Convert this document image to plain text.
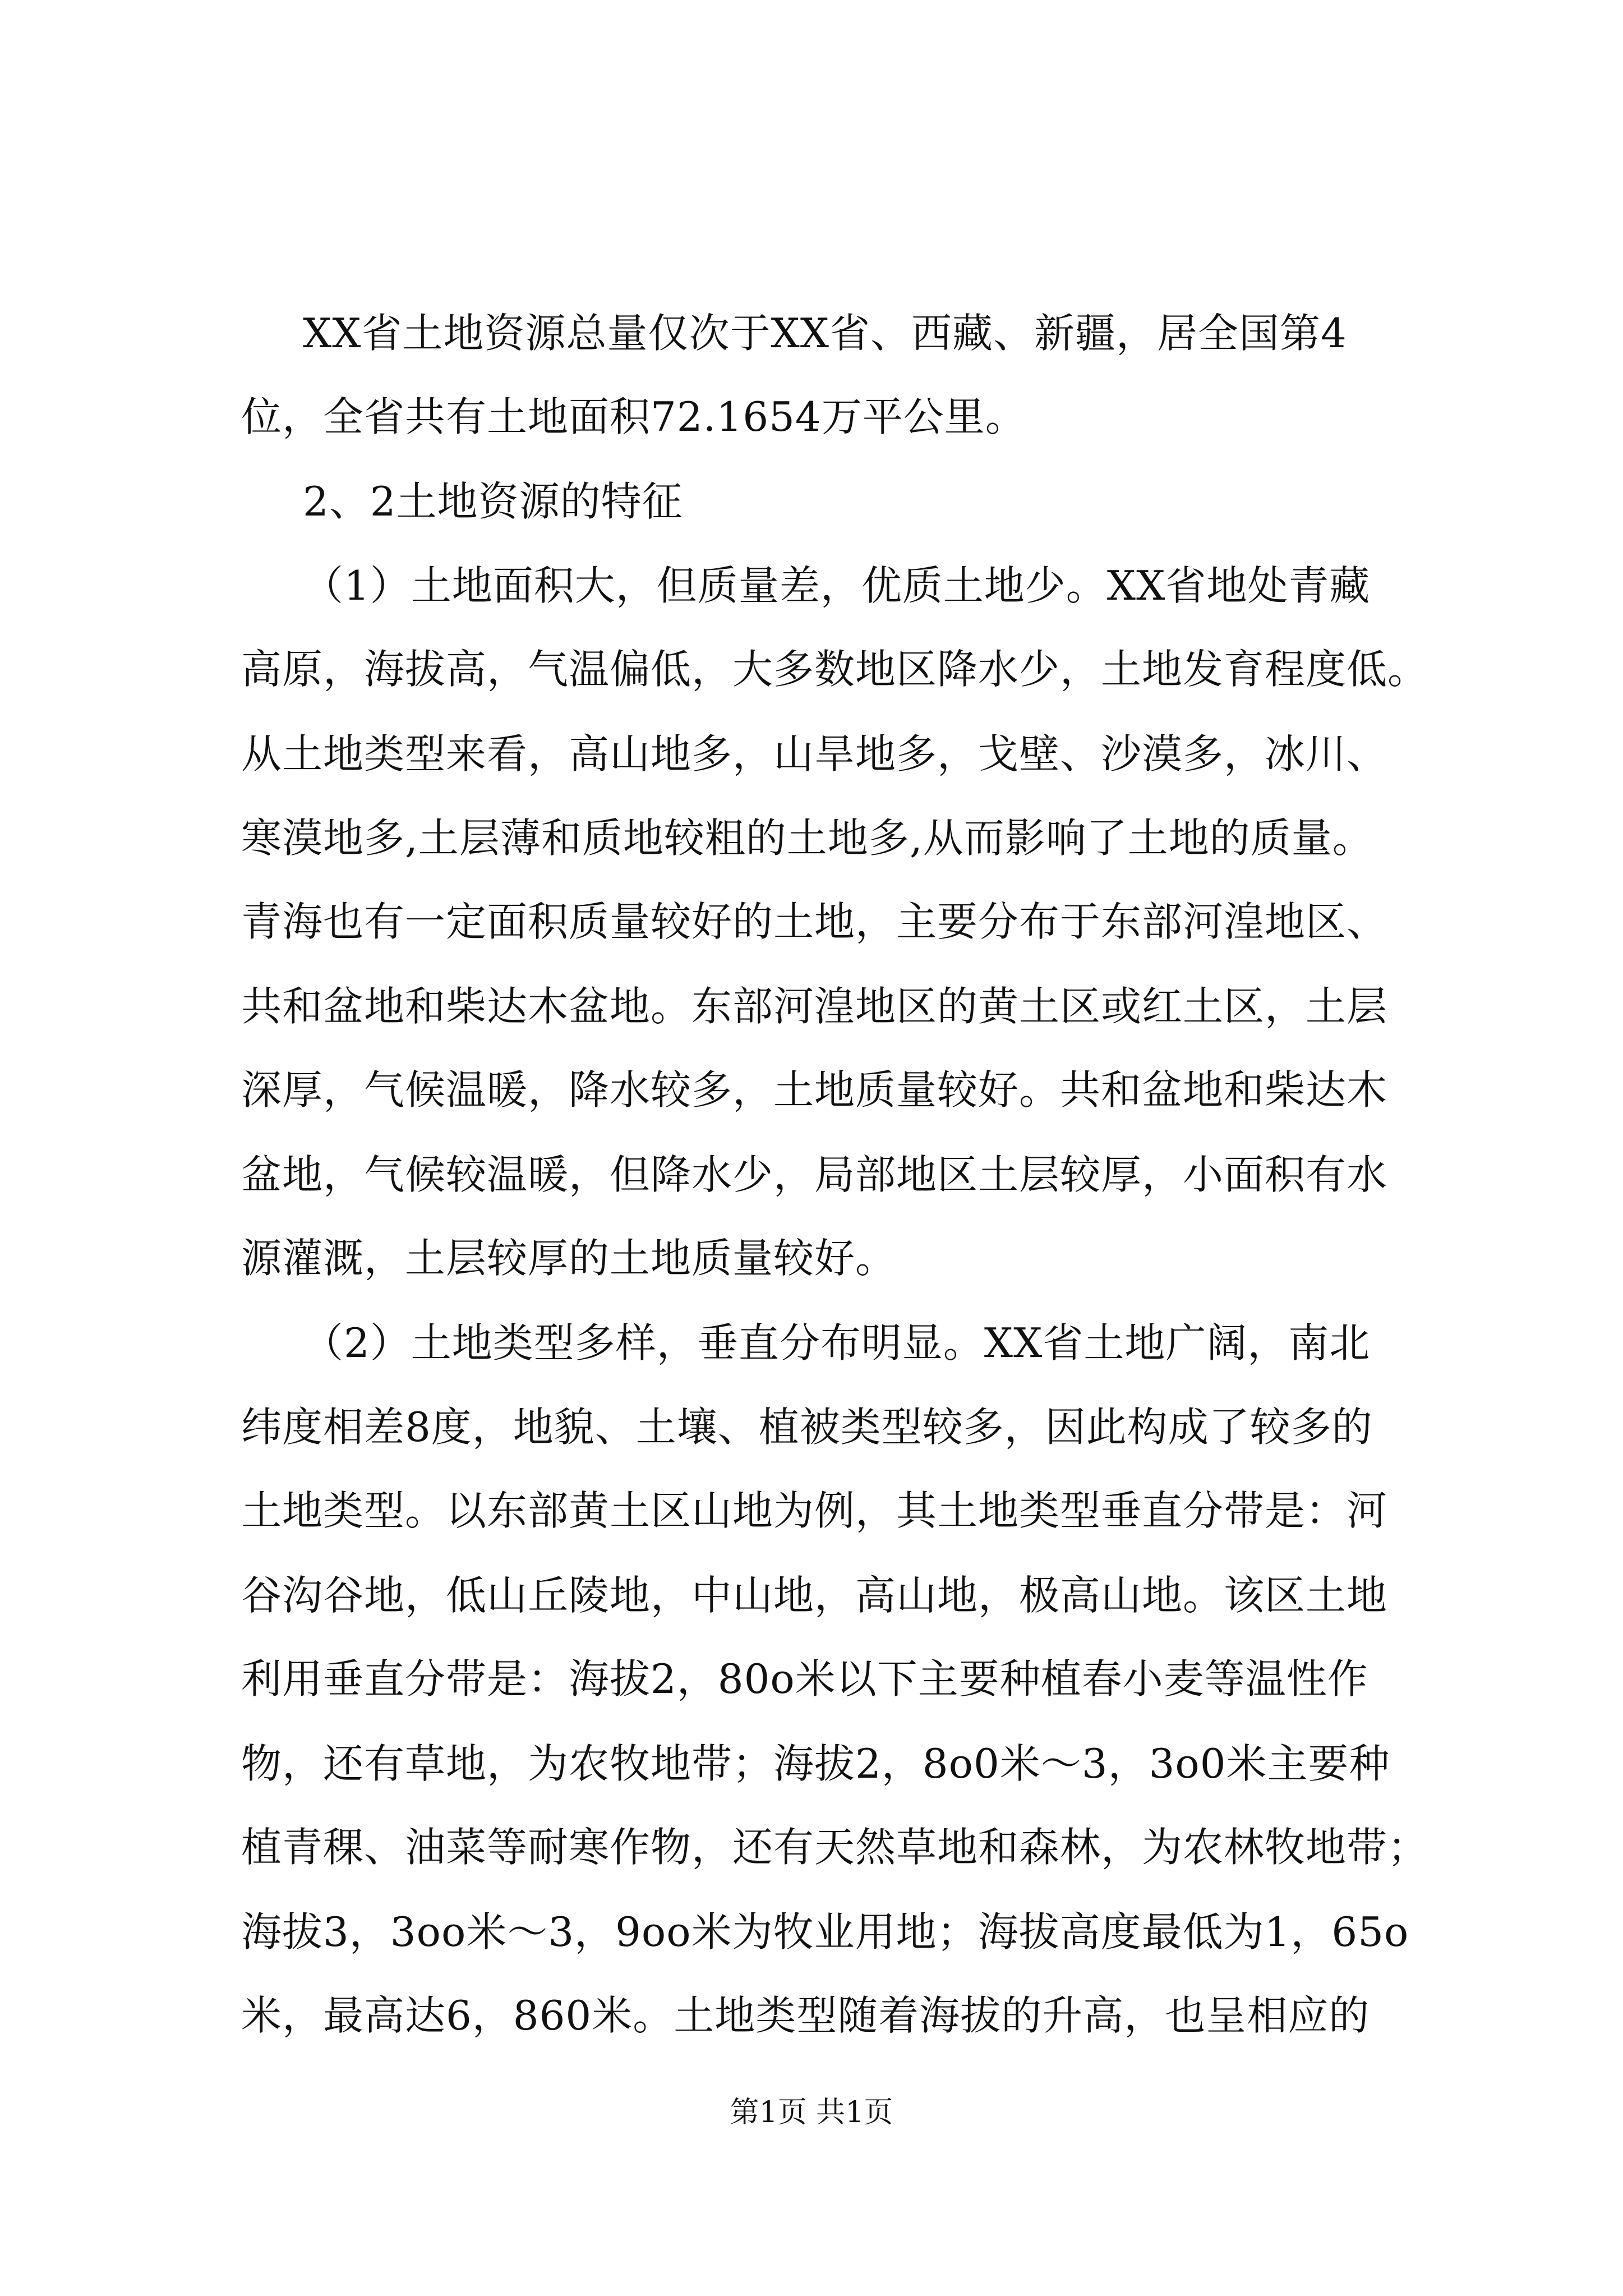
XX省土地资源总量仅次于XX省、西藏、新疆，居全国第4
位，全省共有土地面积72.1654万平公里。
2、2土地资源的特征
（1）土地面积大，但质量差，优质土地少。XX省地处青藏
高原，海拔高，气温偏低，大多数地区降水少，土地发育程度低。
从土地类型来看，高山地多，山旱地多，戈壁、沙漠多，冰川、
寒漠地多,土层薄和质地较粗的土地多,从而影响了土地的质量。
青海也有一定面积质量较好的土地，主要分布于东部河湟地区、
共和盆地和柴达木盆地。东部河湟地区的黄土区或红土区，土层
深厚，气候温暖，降水较多，土地质量较好。共和盆地和柴达木
盆地，气候较温暖，但降水少，局部地区土层较厚，小面积有水
源灌溉，土层较厚的土地质量较好。
（2）土地类型多样，垂直分布明显。XX省土地广阔，南北
纬度相差8度，地貌、土壤、植被类型较多，因此构成了较多的
土地类型。以东部黄土区山地为例，其土地类型垂直分带是：河
谷沟谷地，低山丘陵地，中山地，高山地，极高山地。该区土地
利用垂直分带是：海拔2，80o米以下主要种植春小麦等温性作
物，还有草地，为农牧地带；海拔2，8o0米～3，3o0米主要种
植青稞、油菜等耐寒作物，还有天然草地和森林，为农林牧地带；
海拔3，3oo米～3，9oo米为牧业用地；海拔高度最低为1，65o
米，最高达6，860米。土地类型随着海拔的升高，也呈相应的
第1页 共1页
